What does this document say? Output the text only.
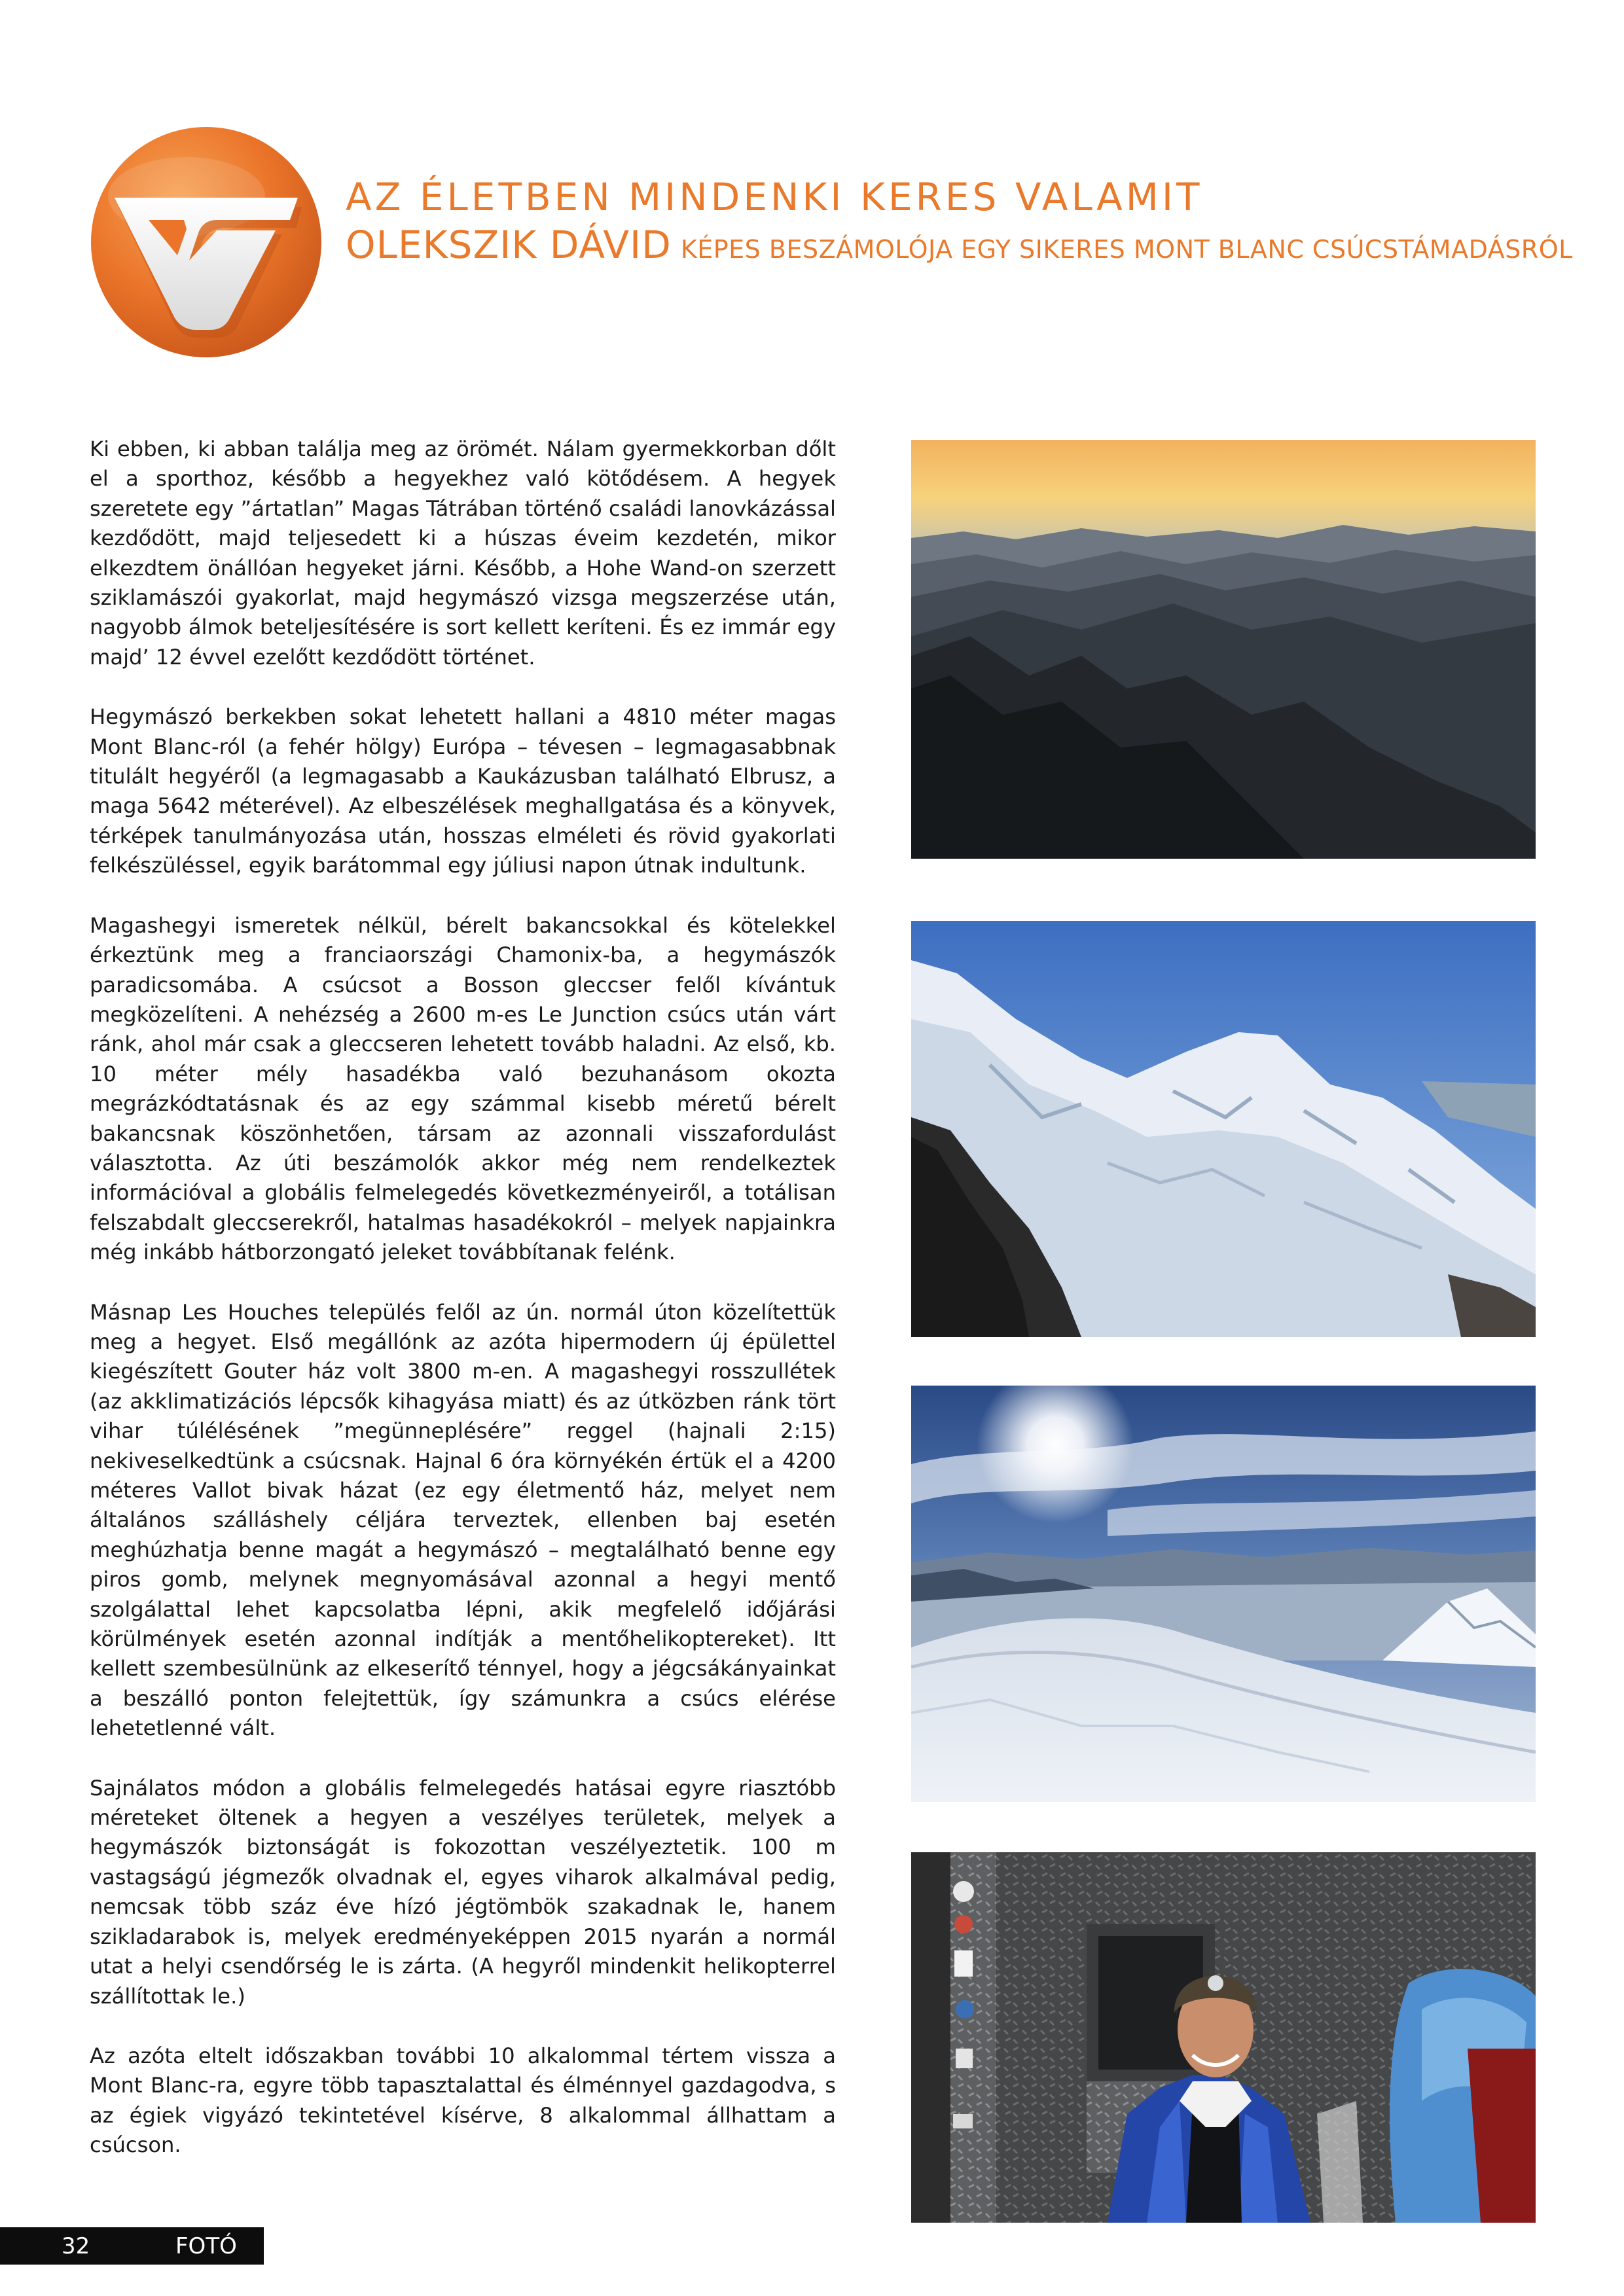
AZ ÉLETBEN MINDENKI KERES VALAMIT
OLEKSZIK DÁVID KÉPES BESZÁMOLÓJA EGY SIKERES MONT BLANC CSÚCSTÁMADÁSRÓL

Ki ebben, ki abban találja meg az örömét. Nálam gyermekkorban dőlt el a sporthoz, később a hegyekhez való kötődésem. A hegyek szeretete egy ”ártatlan” Magas Tátrában történő családi lanovkázással kezdődött, majd teljesedett ki a húszas éveim kezdetén, mikor elkezdtem önállóan hegyeket járni. Később, a Hohe Wand-on szerzett sziklamászói gyakorlat, majd hegymászó vizsga megszerzése után, nagyobb álmok beteljesítésére is sort kellett keríteni. És ez immár egy majd’ 12 évvel ezelőtt kezdődött történet.

Hegymászó berkekben sokat lehetett hallani a 4810 méter magas Mont Blanc-ról (a fehér hölgy) Európa – tévesen – legmagasabbnak titulált hegyéről (a legmagasabb a Kaukázusban található Elbrusz, a maga 5642 méterével). Az elbeszélések meghallgatása és a könyvek, térképek tanulmányozása után, hosszas elméleti és rövid gyakorlati felkészüléssel, egyik barátommal egy júliusi napon útnak indultunk.

Magashegyi ismeretek nélkül, bérelt bakancsokkal és kötelekkel érkeztünk meg a franciaországi Chamonix-ba, a hegymászók paradicsomába. A csúcsot a Bosson gleccser felől kívántuk megközelíteni. A nehézség a 2600 m-es Le Junction csúcs után várt ránk, ahol már csak a gleccseren lehetett tovább haladni. Az első, kb. 10 méter mély hasadékba való bezuhanásom okozta megrázkódtatásnak és az egy számmal kisebb méretű bérelt bakancsnak köszönhetően, társam az azonnali visszafordulást választotta. Az úti beszámolók akkor még nem rendelkeztek információval a globális felmelegedés következményeiről, a totálisan felszabdalt gleccserekről, hatalmas hasadékokról – melyek napjainkra még inkább hátborzongató jeleket továbbítanak felénk.

Másnap Les Houches település felől az ún. normál úton közelítettük meg a hegyet. Első megállónk az azóta hipermodern új épülettel kiegészített Gouter ház volt 3800 m-en. A magashegyi rosszullétek (az akklimatizációs lépcsők kihagyása miatt) és az útközben ránk tört vihar túlélésének ”megünneplésére” reggel (hajnali 2:15) nekiveselkedtünk a csúcsnak. Hajnal 6 óra környékén értük el a 4200 méteres Vallot bivak házat (ez egy életmentő ház, melyet nem általános szálláshely céljára terveztek, ellenben baj esetén meghúzhatja benne magát a hegymászó – megtalálható benne egy piros gomb, melynek megnyomásával azonnal a hegyi mentő szolgálattal lehet kapcsolatba lépni, akik megfelelő időjárási körülmények esetén azonnal indítják a mentőhelikoptereket). Itt kellett szembesülnünk az elkeserítő ténnyel, hogy a jégcsákányainkat a beszálló ponton felejtettük, így számunkra a csúcs elérése lehetetlenné vált.

Sajnálatos módon a globális felmelegedés hatásai egyre riasztóbb méreteket öltenek a hegyen a veszélyes területek, melyek a hegymászók biztonságát is fokozottan veszélyeztetik. 100 m vastagságú jégmezők olvadnak el, egyes viharok alkalmával pedig, nemcsak több száz éve hízó jégtömbök szakadnak le, hanem szikladarabok is, melyek eredményeképpen 2015 nyarán a normál utat a helyi csendőrség le is zárta. (A hegyről mindenkit helikopterrel szállítottak le.)

Az azóta eltelt időszakban további 10 alkalommal tértem vissza a Mont Blanc-ra, egyre több tapasztalattal és élménnyel gazdagodva, s az égiek vigyázó tekintetével kísérve, 8 alkalommal állhattam a csúcson.

32	FOTÓ
